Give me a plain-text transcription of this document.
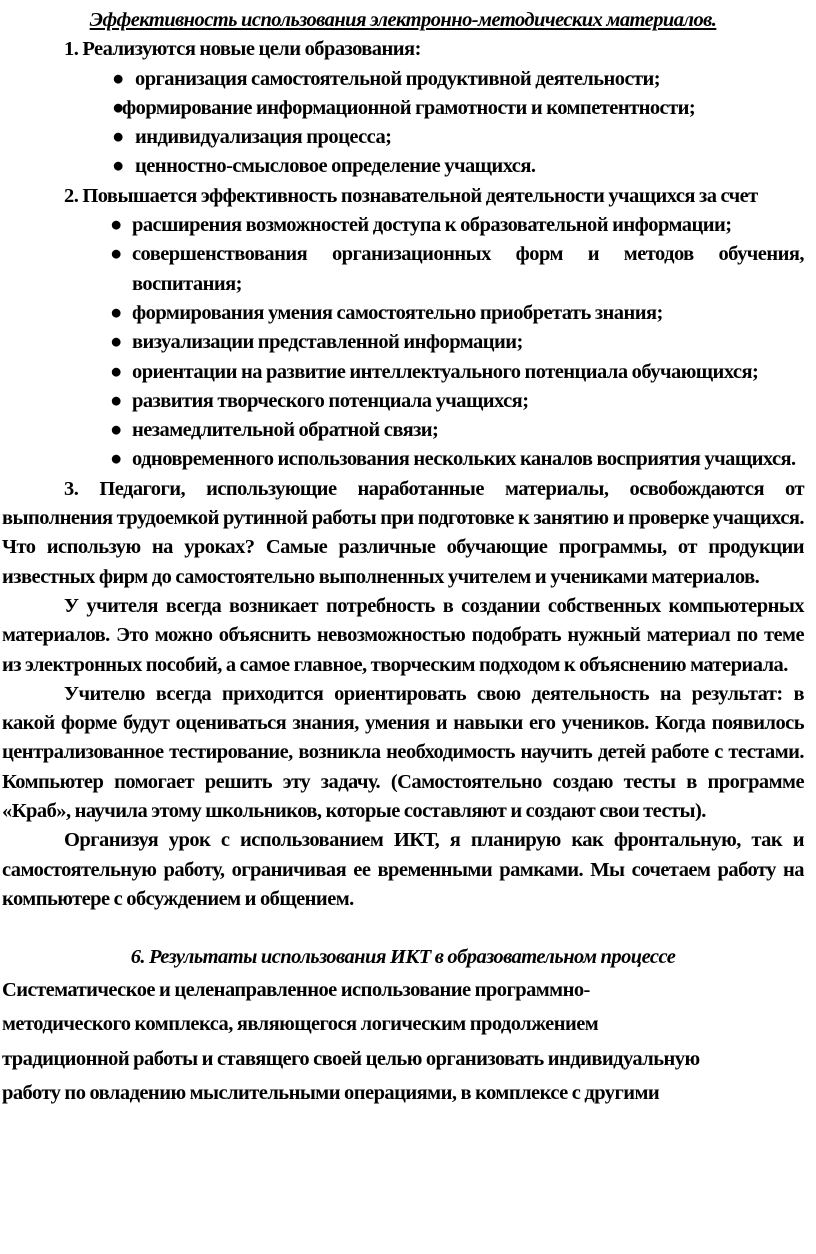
Эффективность использования электронно-методических материалов.

1. Реализуются новые цели образования:

● организация самостоятельной продуктивной деятельности;
●
формирование информационной грамотности и компетентности;
● индивидуализация процесса;
● ценностно-смысловое определение учащихся.

2. Повышается эффективность познавательной деятельности учащихся за счет

● расширения возможностей доступа к образовательной информации;
● совершенствования организационных форм и методов обучения, воспитания;
● формирования умения самостоятельно приобретать знания;
● визуализации представленной информации;
● ориентации на развитие интеллектуального потенциала обучающихся;
● развития творческого потенциала учащихся;
● незамедлительной обратной связи;
● одновременного использования нескольких каналов восприятия учащихся.

3. Педагоги, использующие наработанные материалы, освобождаются от выполнения трудоемкой рутинной работы при подготовке к занятию и проверке учащихся. Что использую на уроках? Самые различные обучающие программы, от продукции известных фирм до самостоятельно выполненных учителем и учениками материалов.

У учителя всегда возникает потребность в создании собственных компьютерных материалов. Это можно объяснить невозможностью подобрать нужный материал по теме из электронных пособий, а самое главное, творческим подходом к объяснению материала.

Учителю всегда приходится ориентировать свою деятельность на результат: в какой форме будут оцениваться знания, умения и навыки его учеников. Когда появилось централизованное тестирование, возникла необходимость научить детей работе с тестами. Компьютер помогает решить эту задачу. (Самостоятельно создаю тесты в программе «Краб», научила этому школьников, которые составляют и создают свои тесты).

Организуя урок с использованием ИКТ, я планирую как фронтальную, так и самостоятельную работу, ограничивая ее временными рамками. Мы сочетаем работу на компьютере с обсуждением и общением.

6. Результаты использования ИКТ в образовательном процессе

Систематическое и целенаправленное использование программно-
методического комплекса, являющегося логическим продолжением
традиционной работы и ставящего своей целью организовать индивидуальную
работу по овладению мыслительными операциями, в комплексе с другими
